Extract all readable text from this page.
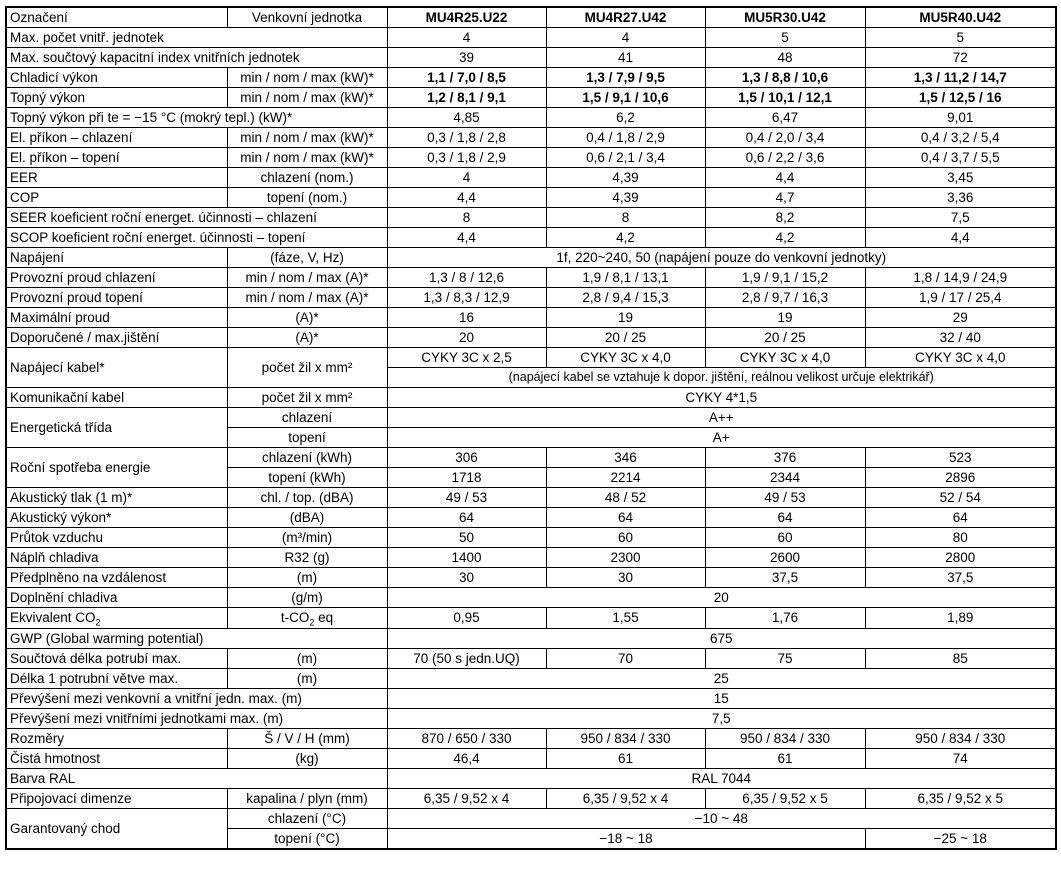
Označení	Venkovní jednotka	MU4R25.U22	MU4R27.U42	MU5R30.U42	MU5R40.U42
Max. počet vnitř. jednotek		4	4	5	5
Max. součtový kapacitní index vnitřních jednotek		39	41	48	72
Chladicí výkon	min / nom / max (kW)*	1,1 / 7,0 / 8,5	1,3 / 7,9 / 9,5	1,3 / 8,8 / 10,6	1,3 / 11,2 / 14,7
Topný výkon	min / nom / max (kW)*	1,2 / 8,1 / 9,1	1,5 / 9,1 / 10,6	1,5 / 10,1 / 12,1	1,5 / 12,5 / 16
Topný výkon při te = −15 °C (mokrý tepl.) (kW)*		4,85	6,2	6,47	9,01
El. příkon – chlazení	min / nom / max (kW)*	0,3 / 1,8 / 2,8	0,4 / 1,8 / 2,9	0,4 / 2,0 / 3,4	0,4 / 3,2 / 5,4
El. příkon – topení	min / nom / max (kW)*	0,3 / 1,8 / 2,9	0,6 / 2,1 / 3,4	0,6 / 2,2 / 3,6	0,4 / 3,7 / 5,5
EER	chlazení (nom.)	4	4,39	4,4	3,45
COP	topení (nom.)	4,4	4,39	4,7	3,36
SEER koeficient roční energet. účinnosti – chlazení		8	8	8,2	7,5
SCOP koeficient roční energet. účinnosti – topení		4,4	4,2	4,2	4,4
Napájení	(fáze, V, Hz)	1f, 220~240, 50 (napájení pouze do venkovní jednotky)			
Provozní proud chlazení	min / nom / max (A)*	1,3 / 8 / 12,6	1,9 / 8,1 / 13,1	1,9 / 9,1 / 15,2	1,8 / 14,9 / 24,9
Provozní proud topení	min / nom / max (A)*	1,3 / 8,3 / 12,9	2,8 / 9,4 / 15,3	2,8 / 9,7 / 16,3	1,9 / 17 / 25,4
Maximální proud	(A)*	16	19	19	29
Doporučené / max.jištění	(A)*	20	20 / 25	20 / 25	32 / 40
Napájecí kabel*	počet žil x mm²	CYKY 3C x 2,5	CYKY 3C x 4,0	CYKY 3C x 4,0	CYKY 3C x 4,0
		(napájecí kabel se vztahuje k dopor. jištění, reálnou velikost určuje elektrikář)			
Komunikační kabel	počet žil x mm²	CYKY 4*1,5			
Energetická třída	chlazení	A++			
	topení	A+			
Roční spotřeba energie	chlazení (kWh)	306	346	376	523
	topení (kWh)	1718	2214	2344	2896
Akustický tlak (1 m)*	chl. / top. (dBA)	49 / 53	48 / 52	49 / 53	52 / 54
Akustický výkon*	(dBA)	64	64	64	64
Průtok vzduchu	(m³/min)	50	60	60	80
Náplň chladiva	R32 (g)	1400	2300	2600	2800
Předplněno na vzdálenost	(m)	30	30	37,5	37,5
Doplnění chladiva	(g/m)	20			
Ekvivalent $CO_2$	$t-CO_2$ eq	0,95	1,55	1,76	1,89
GWP (Global warming potential)		675			
Součtová délka potrubí max.	(m)	70 (50 s jedn.UQ)	70	75	85
Délka 1 potrubní větve max.	(m)	25			
Převýšení mezi venkovní a vnitřní jedn. max. (m)		15			
Převýšení mezi vnitřními jednotkami max. (m)		7,5			
Rozměry	Š / V / H (mm)	870 / 650 / 330	950 / 834 / 330	950 / 834 / 330	950 / 834 / 330
Čistá hmotnost	(kg)	46,4	61	61	74
Barva RAL		RAL 7044			
Připojovací dimenze	kapalina / plyn (mm)	6,35 / 9,52 x 4	6,35 / 9,52 x 4	6,35 / 9,52 x 5	6,35 / 9,52 x 5
Garantovaný chod	chlazení (°C)	−10 ~ 48			
	topení (°C)	−18 ~ 18			−25 ~ 18
